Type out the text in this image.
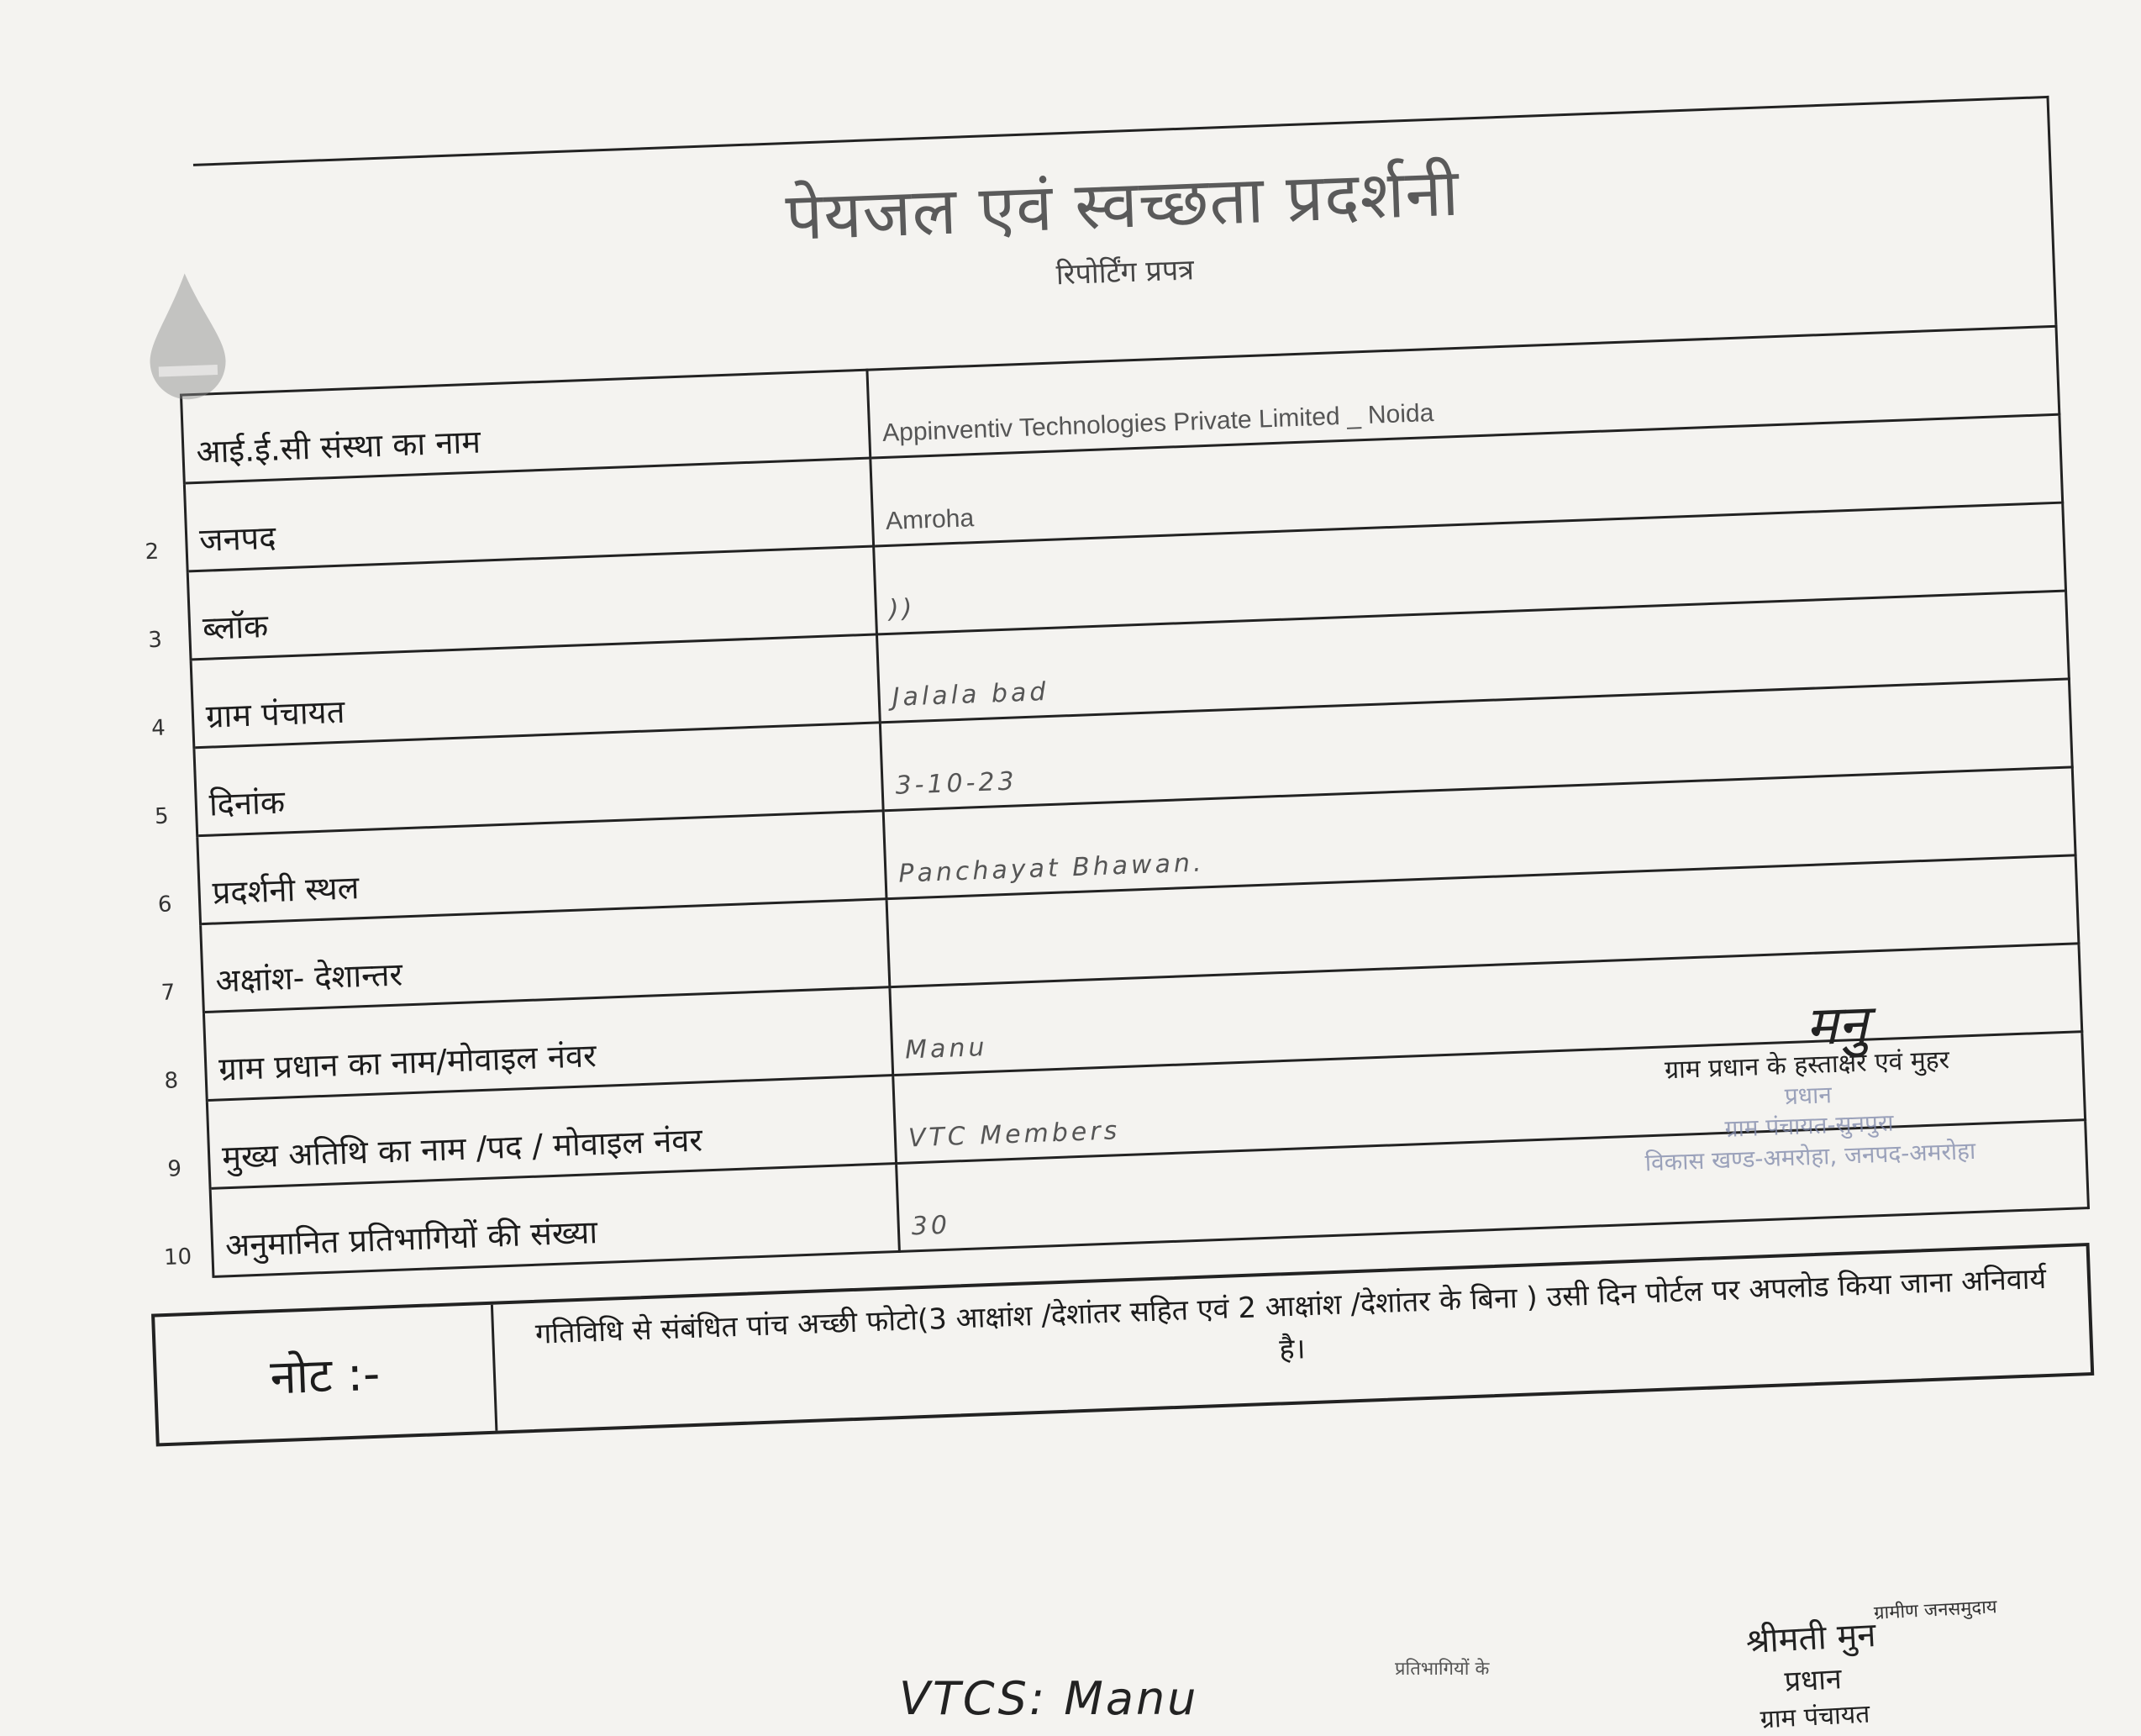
पेयजल एवं स्वच्छता प्रदर्शनी
रिपोर्टिंग प्रपत्र
	आई.ई.सी संस्था का नाम	Appinventiv Technologies Private Limited _ Noida
2	जनपद	Amroha
3	ब्लॉक	))
4	ग्राम पंचायत	Jalala bad
5	दिनांक	3-10-23
6	प्रदर्शनी स्थल	Panchayat Bhawan.
7	अक्षांश- देशान्तर	
8	ग्राम प्रधान का नाम/मोवाइल नंवर	Manu
9	मुख्य अतिथि का नाम /पद / मोवाइल नंवर	VTC Members
10	अनुमानित प्रतिभागियों की संख्या	30
नोट :-
गतिविधि से संबंधित पांच अच्छी फोटो(3 आक्षांश /देशांतर सहित एवं 2 आक्षांश /देशांतर के बिना ) उसी दिन पोर्टल पर अपलोड किया जाना अनिवार्य है।
मनु
ग्राम प्रधान के हस्ताक्षर एवं मुहर
प्रधान
ग्राम पंचायत-सुनपुरा
विकास खण्ड-अमरोहा, जनपद-अमरोहा
ग्रामीण जनसमुदाय
प्रतिभागियों के
VTCS: Manu
श्रीमती मुन
प्रधान
ग्राम पंचायत
